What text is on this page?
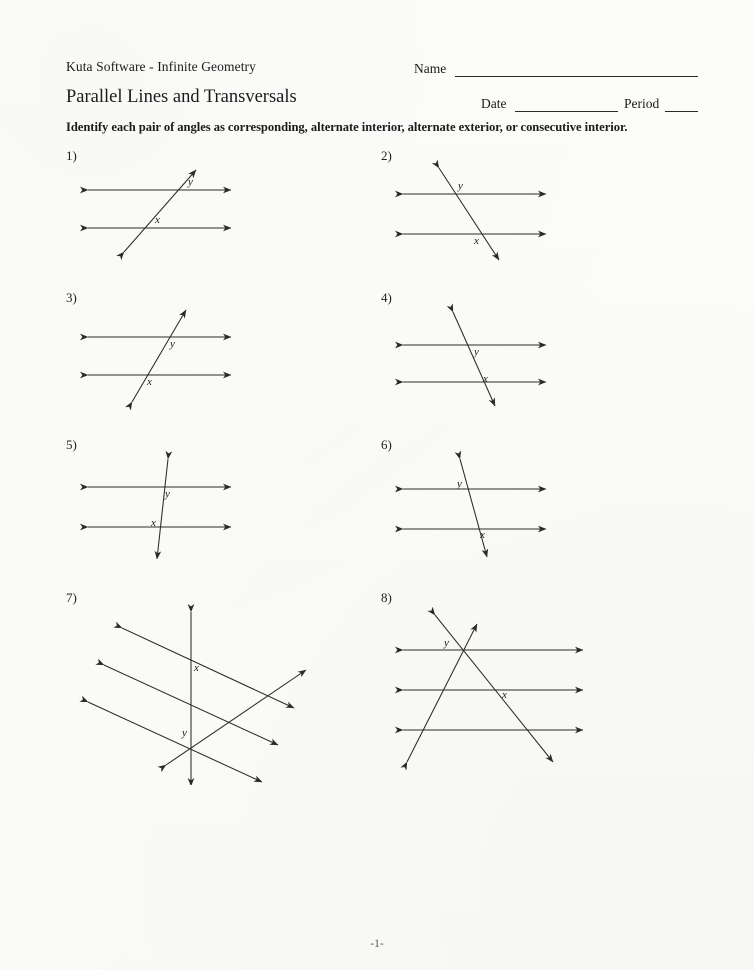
Kuta Software - Infinite Geometry
Parallel Lines and Transversals
Name
Date	Period
Identify each pair of angles as corresponding, alternate interior, alternate exterior, or consecutive interior.
1)
y
x
2)
y
x
3)
y
x
4)
y
x
5)
y
x
6)
y
x
7)
x
y
8)
y
x
-1-
